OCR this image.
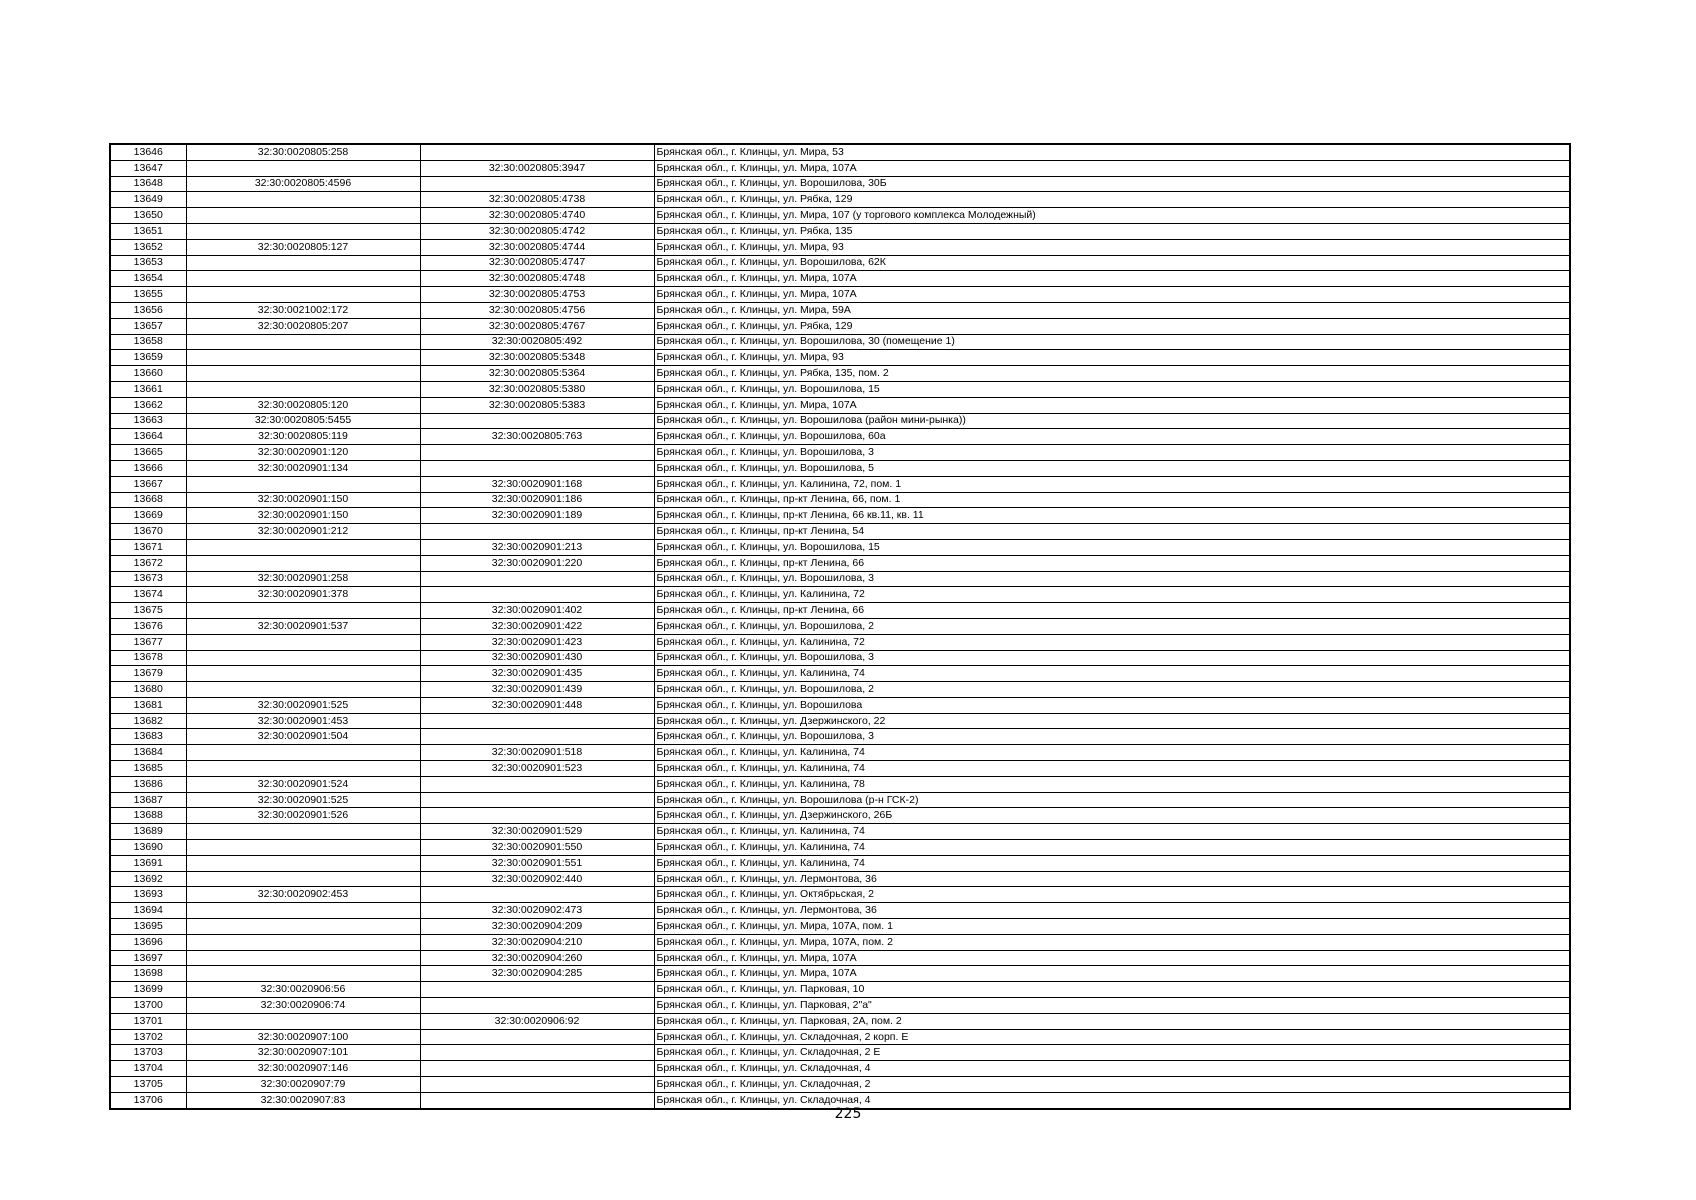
13646	32:30:0020805:258		Брянская обл., г. Клинцы, ул. Мира, 53
13647		32:30:0020805:3947	Брянская обл., г. Клинцы, ул. Мира, 107А
13648	32:30:0020805:4596		Брянская обл., г. Клинцы, ул. Ворошилова, 30Б
13649		32:30:0020805:4738	Брянская обл., г. Клинцы, ул. Рябка, 129
13650		32:30:0020805:4740	Брянская обл., г. Клинцы, ул. Мира, 107 (у торгового комплекса Молодежный)
13651		32:30:0020805:4742	Брянская обл., г. Клинцы, ул. Рябка, 135
13652	32:30:0020805:127	32:30:0020805:4744	Брянская обл., г. Клинцы, ул. Мира, 93
13653		32:30:0020805:4747	Брянская обл., г. Клинцы, ул. Ворошилова, 62К
13654		32:30:0020805:4748	Брянская обл., г. Клинцы, ул. Мира, 107А
13655		32:30:0020805:4753	Брянская обл., г. Клинцы, ул. Мира, 107А
13656	32:30:0021002:172	32:30:0020805:4756	Брянская обл., г. Клинцы, ул. Мира, 59А
13657	32:30:0020805:207	32:30:0020805:4767	Брянская обл., г. Клинцы, ул. Рябка, 129
13658		32:30:0020805:492	Брянская обл., г. Клинцы, ул. Ворошилова, 30 (помещение 1)
13659		32:30:0020805:5348	Брянская обл., г. Клинцы, ул. Мира, 93
13660		32:30:0020805:5364	Брянская обл., г. Клинцы, ул. Рябка, 135, пом. 2
13661		32:30:0020805:5380	Брянская обл., г. Клинцы, ул. Ворошилова, 15
13662	32:30:0020805:120	32:30:0020805:5383	Брянская обл., г. Клинцы, ул. Мира, 107А
13663	32:30:0020805:5455		Брянская обл., г. Клинцы, ул. Ворошилова (район мини-рынка))
13664	32:30:0020805:119	32:30:0020805:763	Брянская обл., г. Клинцы, ул. Ворошилова, 60а
13665	32:30:0020901:120		Брянская обл., г. Клинцы, ул. Ворошилова, 3
13666	32:30:0020901:134		Брянская обл., г. Клинцы, ул. Ворошилова, 5
13667		32:30:0020901:168	Брянская обл., г. Клинцы, ул. Калинина, 72, пом. 1
13668	32:30:0020901:150	32:30:0020901:186	Брянская обл., г. Клинцы, пр-кт Ленина, 66, пом. 1
13669	32:30:0020901:150	32:30:0020901:189	Брянская обл., г. Клинцы, пр-кт Ленина, 66 кв.11, кв. 11
13670	32:30:0020901:212		Брянская обл., г. Клинцы, пр-кт Ленина, 54
13671		32:30:0020901:213	Брянская обл., г. Клинцы, ул. Ворошилова, 15
13672		32:30:0020901:220	Брянская обл., г. Клинцы, пр-кт Ленина, 66
13673	32:30:0020901:258		Брянская обл., г. Клинцы, ул. Ворошилова, 3
13674	32:30:0020901:378		Брянская обл., г. Клинцы, ул. Калинина, 72
13675		32:30:0020901:402	Брянская обл., г. Клинцы, пр-кт Ленина, 66
13676	32:30:0020901:537	32:30:0020901:422	Брянская обл., г. Клинцы, ул. Ворошилова, 2
13677		32:30:0020901:423	Брянская обл., г. Клинцы, ул. Калинина, 72
13678		32:30:0020901:430	Брянская обл., г. Клинцы, ул. Ворошилова, 3
13679		32:30:0020901:435	Брянская обл., г. Клинцы, ул. Калинина, 74
13680		32:30:0020901:439	Брянская обл., г. Клинцы, ул. Ворошилова, 2
13681	32:30:0020901:525	32:30:0020901:448	Брянская обл., г. Клинцы, ул. Ворошилова
13682	32:30:0020901:453		Брянская обл., г. Клинцы, ул. Дзержинского, 22
13683	32:30:0020901:504		Брянская обл., г. Клинцы, ул. Ворошилова, 3
13684		32:30:0020901:518	Брянская обл., г. Клинцы, ул. Калинина, 74
13685		32:30:0020901:523	Брянская обл., г. Клинцы, ул. Калинина, 74
13686	32:30:0020901:524		Брянская обл., г. Клинцы, ул. Калинина, 78
13687	32:30:0020901:525		Брянская обл., г. Клинцы, ул. Ворошилова (р-н ГСК-2)
13688	32:30:0020901:526		Брянская обл., г. Клинцы, ул. Дзержинского, 26Б
13689		32:30:0020901:529	Брянская обл., г. Клинцы, ул. Калинина, 74
13690		32:30:0020901:550	Брянская обл., г. Клинцы, ул. Калинина, 74
13691		32:30:0020901:551	Брянская обл., г. Клинцы, ул. Калинина, 74
13692		32:30:0020902:440	Брянская обл., г. Клинцы, ул. Лермонтова, 36
13693	32:30:0020902:453		Брянская обл., г. Клинцы, ул. Октябрьская, 2
13694		32:30:0020902:473	Брянская обл., г. Клинцы, ул. Лермонтова, 36
13695		32:30:0020904:209	Брянская обл., г. Клинцы, ул. Мира, 107А, пом. 1
13696		32:30:0020904:210	Брянская обл., г. Клинцы, ул. Мира, 107А, пом. 2
13697		32:30:0020904:260	Брянская обл., г. Клинцы, ул. Мира, 107А
13698		32:30:0020904:285	Брянская обл., г. Клинцы, ул. Мира, 107А
13699	32:30:0020906:56		Брянская обл., г. Клинцы, ул. Парковая, 10
13700	32:30:0020906:74		Брянская обл., г. Клинцы, ул. Парковая, 2"а"
13701		32:30:0020906:92	Брянская обл., г. Клинцы, ул. Парковая, 2А, пом. 2
13702	32:30:0020907:100		Брянская обл., г. Клинцы, ул. Складочная, 2 корп. Е
13703	32:30:0020907:101		Брянская обл., г. Клинцы, ул. Складочная, 2 Е
13704	32:30:0020907:146		Брянская обл., г. Клинцы, ул. Складочная, 4
13705	32:30:0020907:79		Брянская обл., г. Клинцы, ул. Складочная, 2
13706	32:30:0020907:83		Брянская обл., г. Клинцы, ул. Складочная, 4
225
